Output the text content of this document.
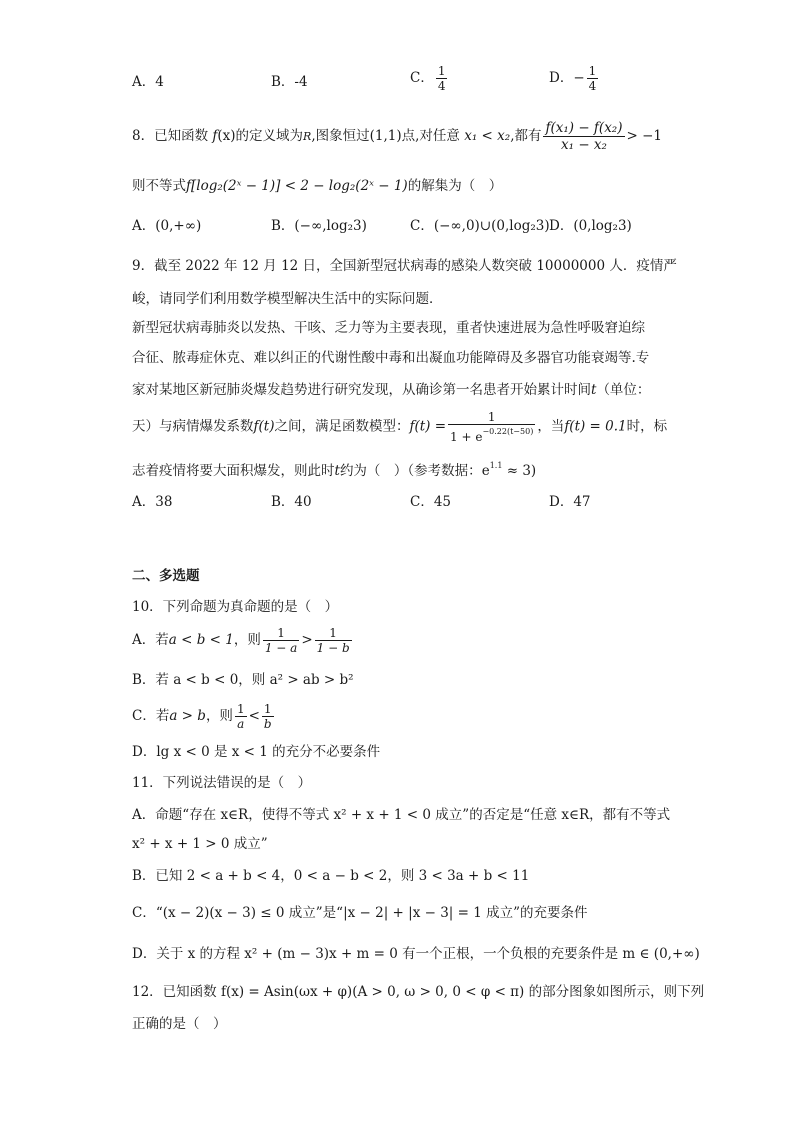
A．4	B．-4	C． $\frac{1}{4}$	D．− $\frac{1}{4}$
8．已知函数 f(x)的定义域为R,图象恒过(1,1)点,对任意 x₁ < x₂,都有 $\frac{\text{f(x₁) − f(x₂)}}{\text{x₁ − x₂}} > -1$
则不等式f[log₂(2ˣ − 1)] < 2 − log₂(2ˣ − 1)的解集为（　）
A．(0,+∞)	B．(−∞,log₂3)	C．(−∞,0)∪(0,log₂3) D．(0,log₂3)
9．截至 2022 年 12 月 12 日，全国新型冠状病毒的感染人数突破 10000000 人．疫情严
峻，请同学们利用数学模型解决生活中的实际问题．
新型冠状病毒肺炎以发热、干咳、乏力等为主要表现，重者快速进展为急性呼吸窘迫综
合征、脓毒症休克、难以纠正的代谢性酸中毒和出凝血功能障碍及多器官功能衰竭等.专
家对某地区新冠肺炎爆发趋势进行研究发现，从确诊第一名患者开始累计时间t（单位：
天）与病情爆发系数f(t)之间，满足函数模型：$f(t) = \frac{1}{1 + e^{-0.22(t-50)}}$ ，当f(t) = 0.1时，标
志着疫情将要大面积爆发，则此时t约为（　）（参考数据：$e^{1.1} \approx 3$)
A．38	B．40	C．45	D．47
二、多选题
10．下列命题为真命题的是（　）
A．若a < b < 1，则 $\frac{1}{1 - a} > \frac{1}{1 - b}$
B．若 a < b < 0，则 a² > ab > b²
C．若a > b，则 $\frac{1}{a} < \frac{1}{b}$
D．lg x < 0 是 x < 1 的充分不必要条件
11．下列说法错误的是（　）
A．命题“存在 x∈R，使得不等式 x² + x + 1 < 0 成立”的否定是“任意 x∈R，都有不等式
x² + x + 1 > 0 成立”
B．已知 2 < a + b < 4，0 < a − b < 2，则 3 < 3a + b < 11
C．“(x − 2)(x − 3) ≤ 0 成立”是“|x − 2| + |x − 3| = 1 成立”的充要条件
D．关于 x 的方程 x² + (m − 3)x + m = 0 有一个正根，一个负根的充要条件是 m ∈ (0,+∞)
12．已知函数 f(x) = Asin(ωx + φ)(A > 0, ω > 0, 0 < φ < π) 的部分图象如图所示，则下列
正确的是（　）
